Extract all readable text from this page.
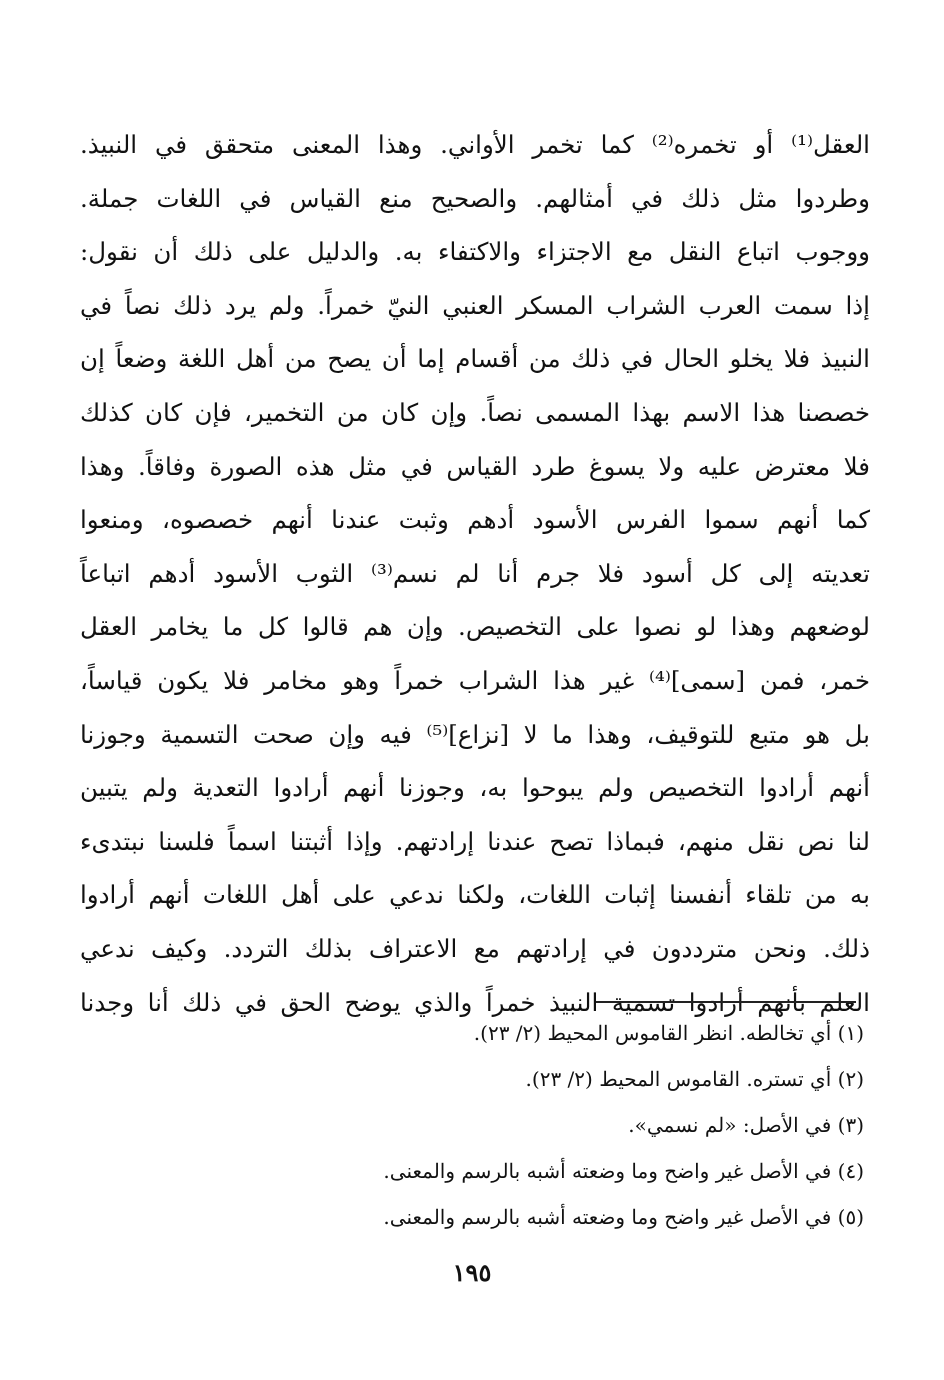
العقل⁽¹⁾ أو تخمره⁽²⁾ كما تخمر الأواني. وهذا المعنى متحقق في النبيذ.
وطردوا مثل ذلك في أمثالهم. والصحيح منع القياس في اللغات جملة.
ووجوب اتباع النقل مع الاجتزاء والاكتفاء به. والدليل على ذلك أن نقول:
إذا سمت العرب الشراب المسكر العنبي النيّ خمراً. ولم يرد ذلك نصاً في
النبيذ فلا يخلو الحال في ذلك من أقسام إما أن يصح من أهل اللغة وضعاً إن
خصصنا هذا الاسم بهذا المسمى نصاً. وإن كان من التخمير، فإن كان كذلك
فلا معترض عليه ولا يسوغ طرد القياس في مثل هذه الصورة وفاقاً. وهذا
كما أنهم سموا الفرس الأسود أدهم وثبت عندنا أنهم خصصوه، ومنعوا
تعديته إلى كل أسود فلا جرم أنا لم نسم⁽³⁾ الثوب الأسود أدهم اتباعاً
لوضعهم وهذا لو نصوا على التخصيص. وإن هم قالوا كل ما يخامر العقل
خمر، فمن [سمى]⁽⁴⁾ غير هذا الشراب خمراً وهو مخامر فلا يكون قياساً،
بل هو متبع للتوقيف، وهذا ما لا [نزاع]⁽⁵⁾ فيه وإن صحت التسمية وجوزنا
أنهم أرادوا التخصيص ولم يبوحوا به، وجوزنا أنهم أرادوا التعدية ولم يتبين
لنا نص نقل منهم، فبماذا تصح عندنا إرادتهم. وإذا أثبتنا اسماً فلسنا نبتدىء
به من تلقاء أنفسنا إثبات اللغات، ولكنا ندعي على أهل اللغات أنهم أرادوا
ذلك. ونحن مترددون في إرادتهم مع الاعتراف بذلك التردد. وكيف ندعي
العلم بأنهم أرادوا تسمية النبيذ خمراً والذي يوضح الحق في ذلك أنا وجدنا
(١) أي تخالطه. انظر القاموس المحيط (٢/ ٢٣).
(٢) أي تستره. القاموس المحيط (٢/ ٢٣).
(٣) في الأصل: «لم نسمي».
(٤) في الأصل غير واضح وما وضعته أشبه بالرسم والمعنى.
(٥) في الأصل غير واضح وما وضعته أشبه بالرسم والمعنى.
١٩٥
